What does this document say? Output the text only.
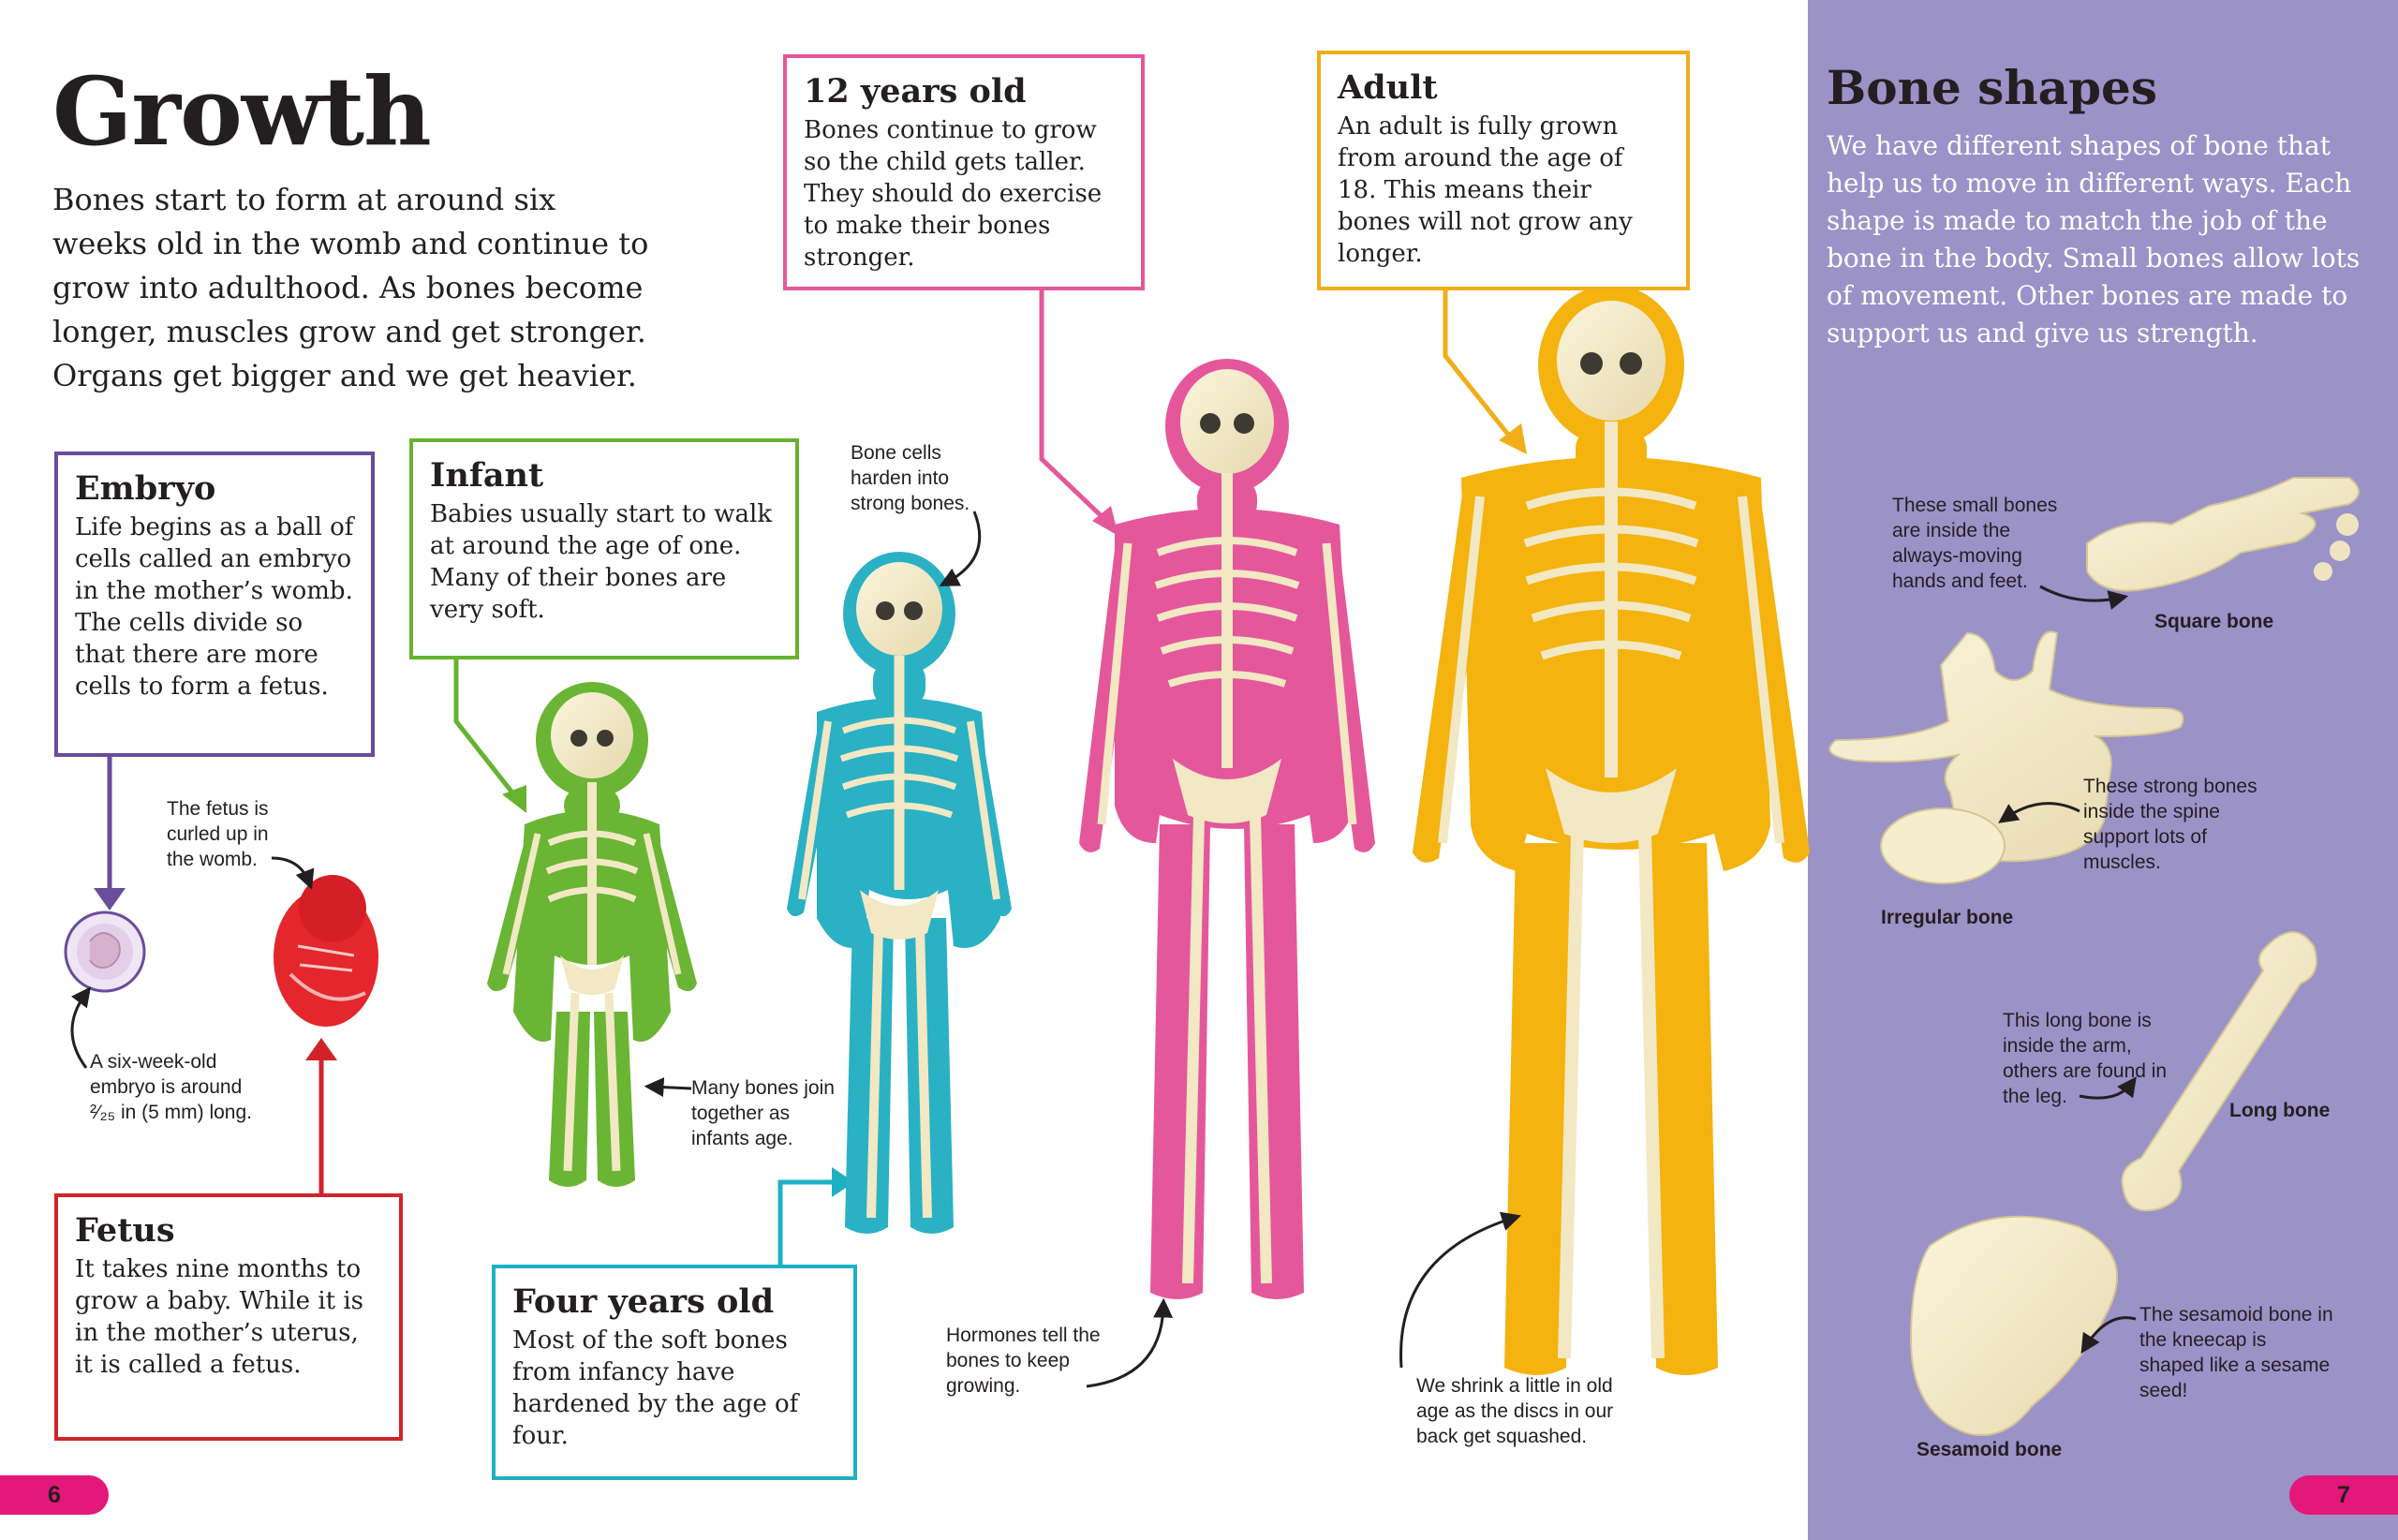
Growth
Bones start to form at around six weeks old in the womb and continue to grow into adulthood. As bones become longer, muscles grow and get stronger. Organs get bigger and we get heavier.
Embryo

Life begins as a ball of cells called an embryo in the mother’s womb. The cells divide so that there are more cells to form a fetus.

Fetus

It takes nine months to grow a baby. While it is in the mother’s uterus, it is called a fetus.

Infant

Babies usually start to walk at around the age of one. Many of their bones are very soft.

Four years old

Most of the soft bones from infancy have hardened by the age of four.

12 years old

Bones continue to grow so the child gets taller. They should do exercise to make their bones stronger.

Adult

An adult is fully grown from around the age of 18. This means their bones will not grow any longer.

The fetus is curled up in the womb.
A six-week-old embryo is around ²⁄₂₅ in (5 mm) long.
Many bones join together as infants age.
Bone cells harden into strong bones.
Hormones tell the bones to keep growing.	We shrink a little in old age as the discs in our back get squashed.
Bone shapes
We have different shapes of bone that help us to move in different ways. Each shape is made to match the job of the bone in the body. Small bones allow lots of movement. Other bones are made to support us and give us strength.
These small bones are inside the always-moving hands and feet.
Square bone
These strong bones inside the spine support lots of muscles.
Irregular bone
This long bone is inside the arm, others are found in the leg.
Long bone
The sesamoid bone in the kneecap is shaped like a sesame seed!
Sesamoid bone
6	7
